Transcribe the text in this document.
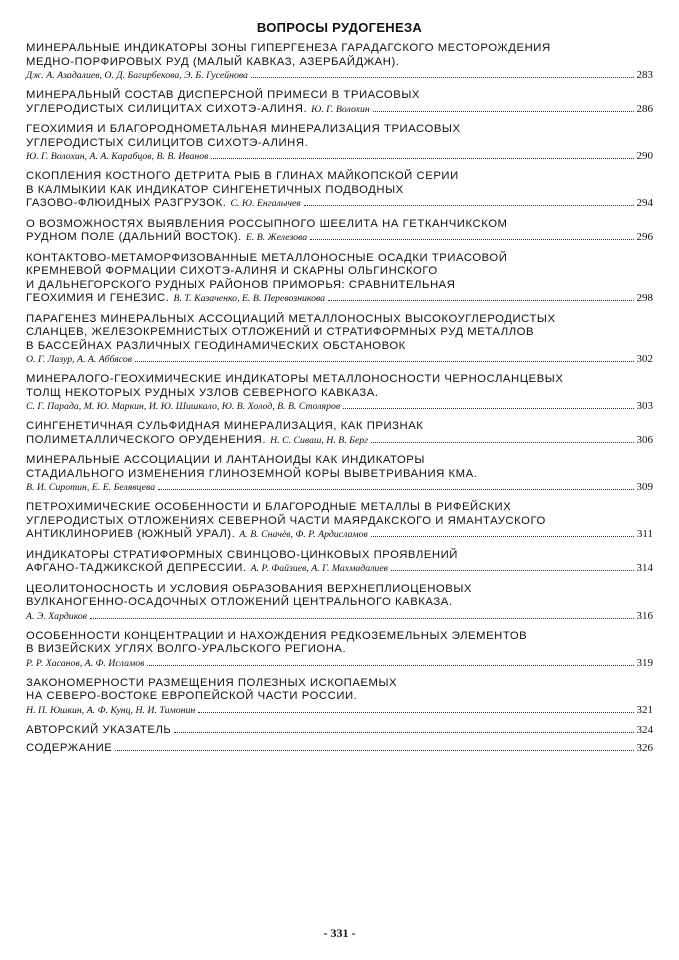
ВОПРОСЫ РУДОГЕНЕЗА
МИНЕРАЛЬНЫЕ ИНДИКАТОРЫ ЗОНЫ ГИПЕРГЕНЕЗА ГАРАДАГСКОГО МЕСТОРОЖДЕНИЯ
МЕДНО-ПОРФИРОВЫХ РУД (МАЛЫЙ КАВКАЗ, АЗЕРБАЙДЖАН).
Дж. А. Азадалиев, О. Д. Багирбекова, Э. Б. Гусейнова	283
МИНЕРАЛЬНЫЙ СОСТАВ ДИСПЕРСНОЙ ПРИМЕСИ В ТРИАСОВЫХ
УГЛЕРОДИСТЫХ СИЛИЦИТАХ СИХОТЭ-АЛИНЯ. Ю. Г. Волохин	286
ГЕОХИМИЯ И БЛАГОРОДНОМЕТАЛЬНАЯ МИНЕРАЛИЗАЦИЯ ТРИАСОВЫХ
УГЛЕРОДИСТЫХ СИЛИЦИТОВ СИХОТЭ-АЛИНЯ.
Ю. Г. Волохин, А. А. Карабцов, В. В. Иванов	290
СКОПЛЕНИЯ КОСТНОГО ДЕТРИТА РЫБ В ГЛИНАХ МАЙКОПСКОЙ СЕРИИ
В КАЛМЫКИИ КАК ИНДИКАТОР СИНГЕНЕТИЧНЫХ ПОДВОДНЫХ
ГАЗОВО-ФЛЮИДНЫХ РАЗГРУЗОК. С. Ю. Енгалычев	294
О ВОЗМОЖНОСТЯХ ВЫЯВЛЕНИЯ РОССЫПНОГО ШЕЕЛИТА НА ГЕТКАНЧИКСКОМ
РУДНОМ ПОЛЕ (ДАЛЬНИЙ ВОСТОК). Е. В. Железова	296
КОНТАКТОВО-МЕТАМОРФИЗОВАННЫЕ МЕТАЛЛОНОСНЫЕ ОСАДКИ ТРИАСОВОЙ
КРЕМНЕВОЙ ФОРМАЦИИ СИХОТЭ-АЛИНЯ И СКАРНЫ ОЛЬГИНСКОГО
И ДАЛЬНЕГОРСКОГО РУДНЫХ РАЙОНОВ ПРИМОРЬЯ: СРАВНИТЕЛЬНАЯ
ГЕОХИМИЯ И ГЕНЕЗИС. В. Т. Казаченко, Е. В. Перевозникова	298
ПАРАГЕНЕЗ МИНЕРАЛЬНЫХ АССОЦИАЦИЙ МЕТАЛЛОНОСНЫХ ВЫСОКОУГЛЕРОДИСТЫХ
СЛАНЦЕВ, ЖЕЛЕЗОКРЕМНИСТЫХ ОТЛОЖЕНИЙ И СТРАТИФОРМНЫХ РУД МЕТАЛЛОВ
В БАССЕЙНАХ РАЗЛИЧНЫХ ГЕОДИНАМИЧЕСКИХ ОБСТАНОВОК
О. Г. Лазур, А. А. Аббясов	302
МИНЕРАЛОГО-ГЕОХИМИЧЕСКИЕ ИНДИКАТОРЫ МЕТАЛЛОНОСНОСТИ ЧЕРНОСЛАНЦЕВЫХ
ТОЛЩ НЕКОТОРЫХ РУДНЫХ УЗЛОВ СЕВЕРНОГО КАВКАЗА.
С. Г. Парада, М. Ю. Маркин, И. Ю. Шишкало, Ю. В. Холод, В. В. Столяров	303
СИНГЕНЕТИЧНАЯ СУЛЬФИДНАЯ МИНЕРАЛИЗАЦИЯ, КАК ПРИЗНАК
ПОЛИМЕТАЛЛИЧЕСКОГО ОРУДЕНЕНИЯ. Н. С. Сиваш, Н. В. Берг	306
МИНЕРАЛЬНЫЕ АССОЦИАЦИИ И ЛАНТАНОИДЫ КАК ИНДИКАТОРЫ
СТАДИАЛЬНОГО ИЗМЕНЕНИЯ ГЛИНОЗЕМНОЙ КОРЫ ВЫВЕТРИВАНИЯ КМА.
В. И. Сиротин, Е. Е. Белявцева	309
ПЕТРОХИМИЧЕСКИЕ ОСОБЕННОСТИ И БЛАГОРОДНЫЕ МЕТАЛЛЫ В РИФЕЙСКИХ
УГЛЕРОДИСТЫХ ОТЛОЖЕНИЯХ СЕВЕРНОЙ ЧАСТИ МАЯРДАКСКОГО И ЯМАНТАУСКОГО
АНТИКЛИНОРИЕВ (ЮЖНЫЙ УРАЛ). А. В. Сначёв, Ф. Р. Ардисламов	311
ИНДИКАТОРЫ СТРАТИФОРМНЫХ СВИНЦОВО-ЦИНКОВЫХ ПРОЯВЛЕНИЙ
АФГАНО-ТАДЖИКСКОЙ ДЕПРЕССИИ. А. Р. Файзиев, А. Г. Махмадалиев	314
ЦЕОЛИТОНОСНОСТЬ И УСЛОВИЯ ОБРАЗОВАНИЯ ВЕРХНЕПЛИОЦЕНОВЫХ
ВУЛКАНОГЕННО-ОСАДОЧНЫХ ОТЛОЖЕНИЙ ЦЕНТРАЛЬНОГО КАВКАЗА.
А. Э. Хардиков	316
ОСОБЕННОСТИ КОНЦЕНТРАЦИИ И НАХОЖДЕНИЯ РЕДКОЗЕМЕЛЬНЫХ ЭЛЕМЕНТОВ
В ВИЗЕЙСКИХ УГЛЯХ ВОЛГО-УРАЛЬСКОГО РЕГИОНА.
Р. Р. Хасанов, А. Ф. Исламов	319
ЗАКОНОМЕРНОСТИ РАЗМЕЩЕНИЯ ПОЛЕЗНЫХ ИСКОПАЕМЫХ
НА СЕВЕРО-ВОСТОКЕ ЕВРОПЕЙСКОЙ ЧАСТИ РОССИИ.
Н. П. Юшкин, А. Ф. Кунц, Н. И. Тимонин	321
АВТОРСКИЙ УКАЗАТЕЛЬ	324
СОДЕРЖАНИЕ	326
- 331 -
